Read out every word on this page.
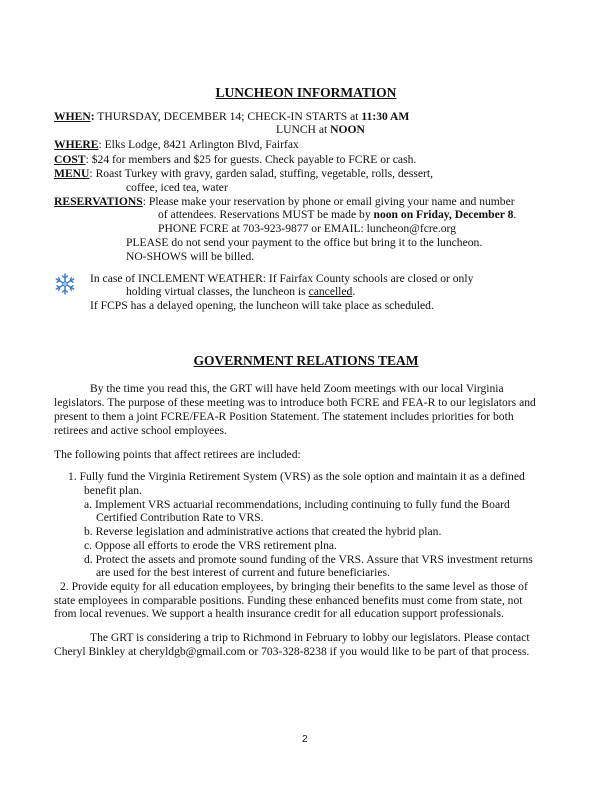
LUNCHEON INFORMATION
WHEN: THURSDAY, DECEMBER 14; CHECK-IN STARTS at 11:30 AM
LUNCH at NOON
WHERE: Elks Lodge, 8421 Arlington Blvd, Fairfax
COST: $24 for members and $25 for guests. Check payable to FCRE or cash.
MENU: Roast Turkey with gravy, garden salad, stuffing, vegetable, rolls, dessert,
coffee, iced tea, water
RESERVATIONS: Please make your reservation by phone or email giving your name and number
of attendees. Reservations MUST be made by noon on Friday, December 8.
PHONE FCRE at 703-923-9877 or EMAIL: luncheon@fcre.org
PLEASE do not send your payment to the office but bring it to the luncheon.
NO-SHOWS will be billed.
In case of INCLEMENT WEATHER: If Fairfax County schools are closed or only
holding virtual classes, the luncheon is cancelled.
If FCPS has a delayed opening, the luncheon will take place as scheduled.
GOVERNMENT RELATIONS TEAM
By the time you read this, the GRT will have held Zoom meetings with our local Virginia
legislators. The purpose of these meeting was to introduce both FCRE and FEA-R to our legislators and
present to them a joint FCRE/FEA-R Position Statement. The statement includes priorities for both
retirees and active school employees.
The following points that affect retirees are included:
1. Fully fund the Virginia Retirement System (VRS) as the sole option and maintain it as a defined
benefit plan.
a. Implement VRS actuarial recommendations, including continuing to fully fund the Board
Certified Contribution Rate to VRS.
b. Reverse legislation and administrative actions that created the hybrid plan.
c. Oppose all efforts to erode the VRS retirement plna.
d. Protect the assets and promote sound funding of the VRS. Assure that VRS investment returns
are used for the best interest of current and future beneficiaries.
2. Provide equity for all education employees, by bringing their benefits to the same level as those of
state employees in comparable positions. Funding these enhanced benefits must come from state, not
from local revenues. We support a health insurance credit for all education support professionals.
The GRT is considering a trip to Richmond in February to lobby our legislators. Please contact
Cheryl Binkley at cheryldgb@gmail.com or 703-328-8238 if you would like to be part of that process.
2
